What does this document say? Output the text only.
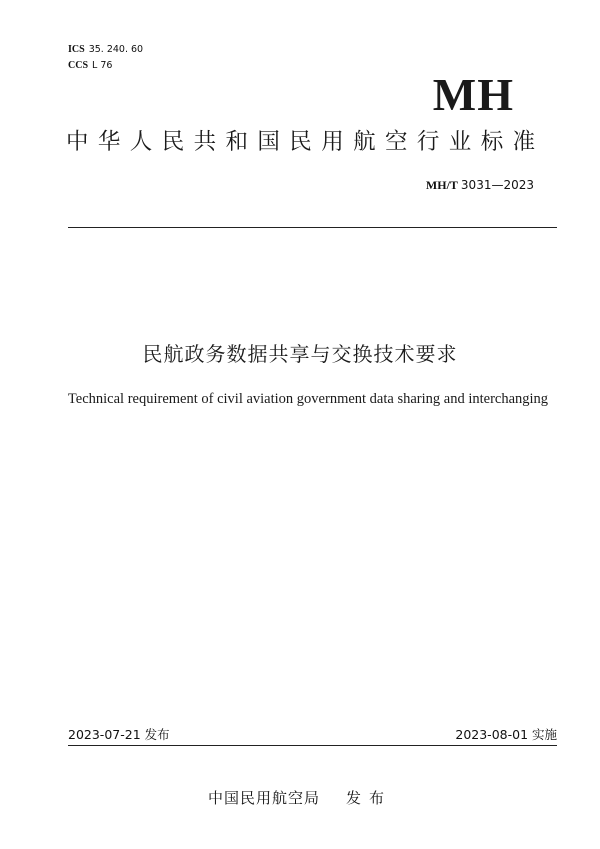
ICS 35. 240. 60
CCS L 76
MH
中华人民共和国民用航空行业标准
MH/T 3031—2023
民航政务数据共享与交换技术要求
Technical requirement of civil aviation government data sharing and interchanging
2023-07-21 发布	2023-08-01 实施
中国民用航空局 发布
